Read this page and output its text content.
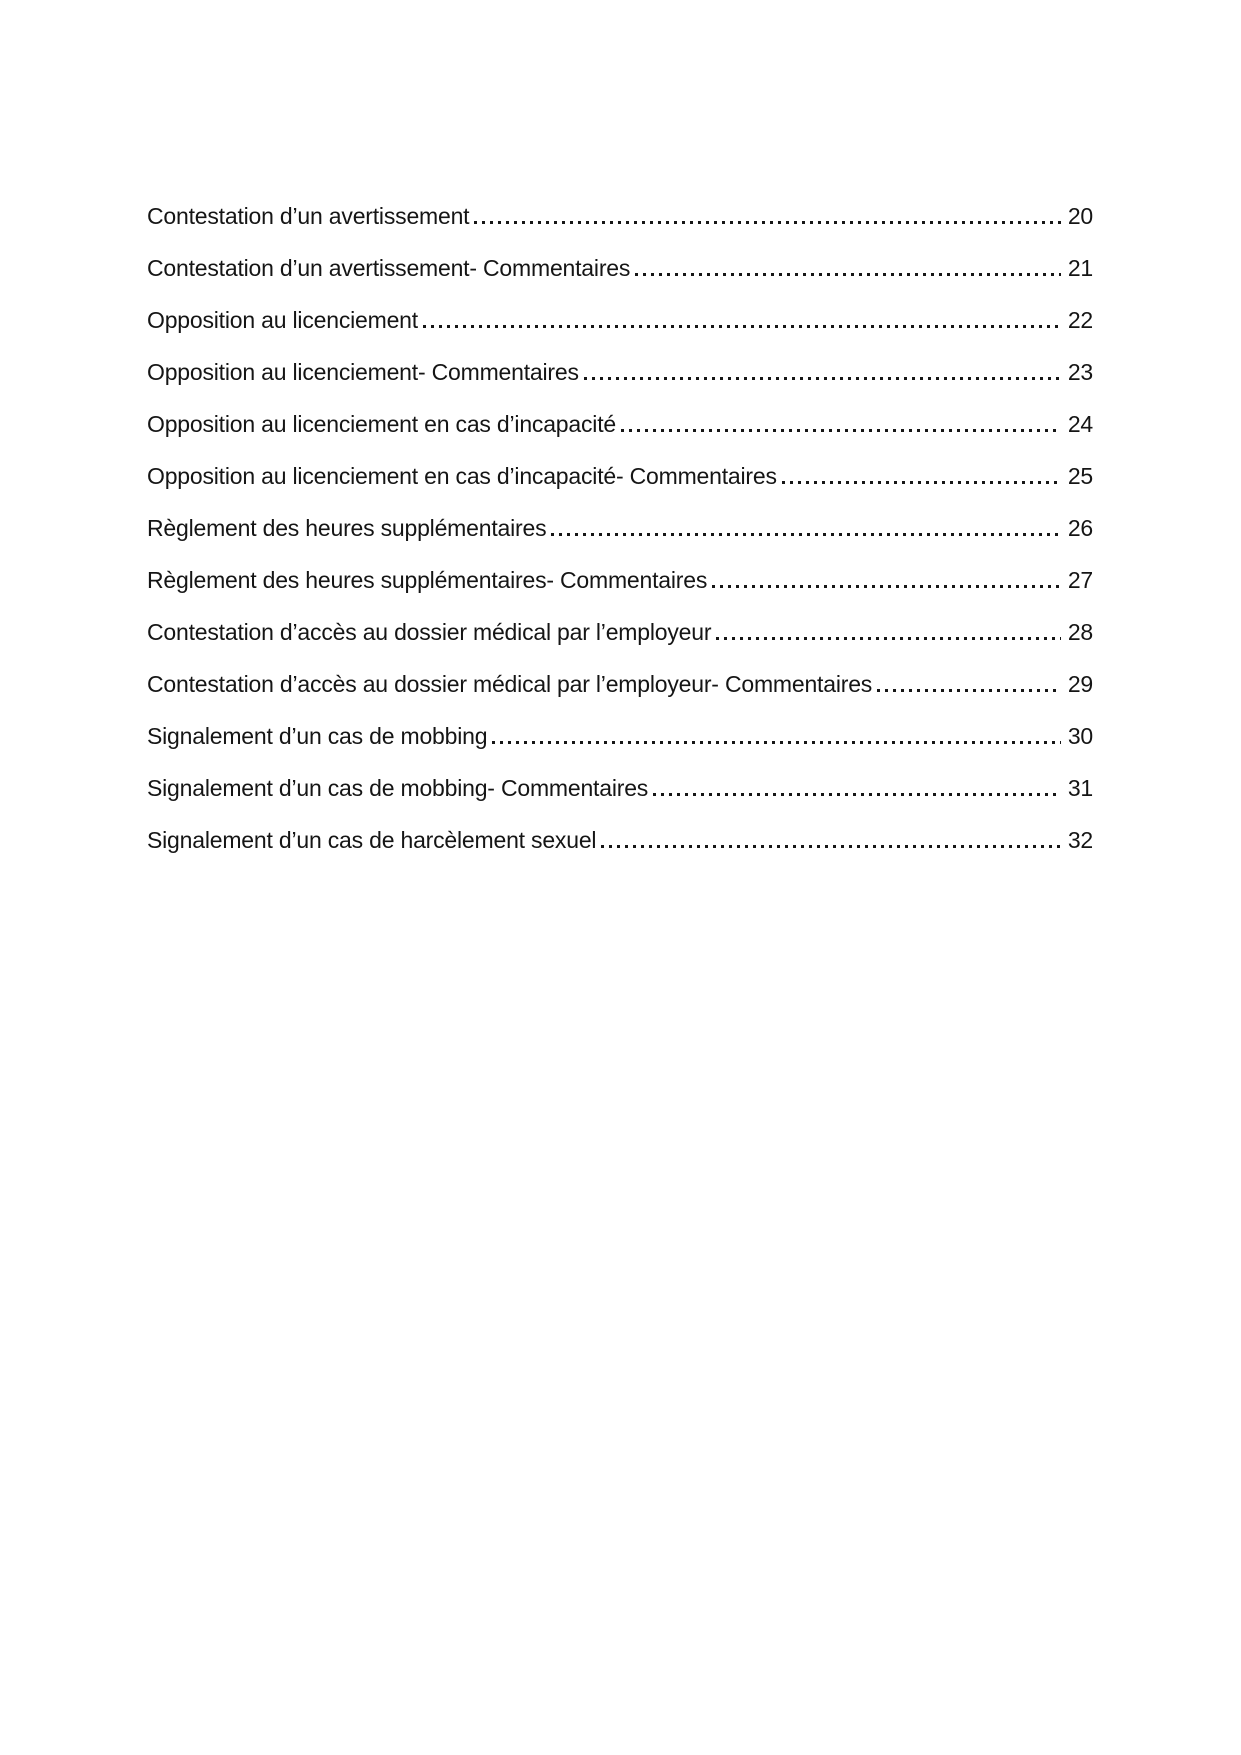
Contestation d’un avertissement	20
Contestation d’un avertissement- Commentaires	21
Opposition au licenciement	22
Opposition au licenciement- Commentaires	23
Opposition au licenciement en cas d’incapacité	24
Opposition au licenciement en cas d’incapacité- Commentaires	25
Règlement des heures supplémentaires	26
Règlement des heures supplémentaires- Commentaires	27
Contestation d’accès au dossier médical par l’employeur	28
Contestation d’accès au dossier médical par l’employeur- Commentaires	29
Signalement d’un cas de mobbing	30
Signalement d’un cas de mobbing- Commentaires	31
Signalement d’un cas de harcèlement sexuel	32
